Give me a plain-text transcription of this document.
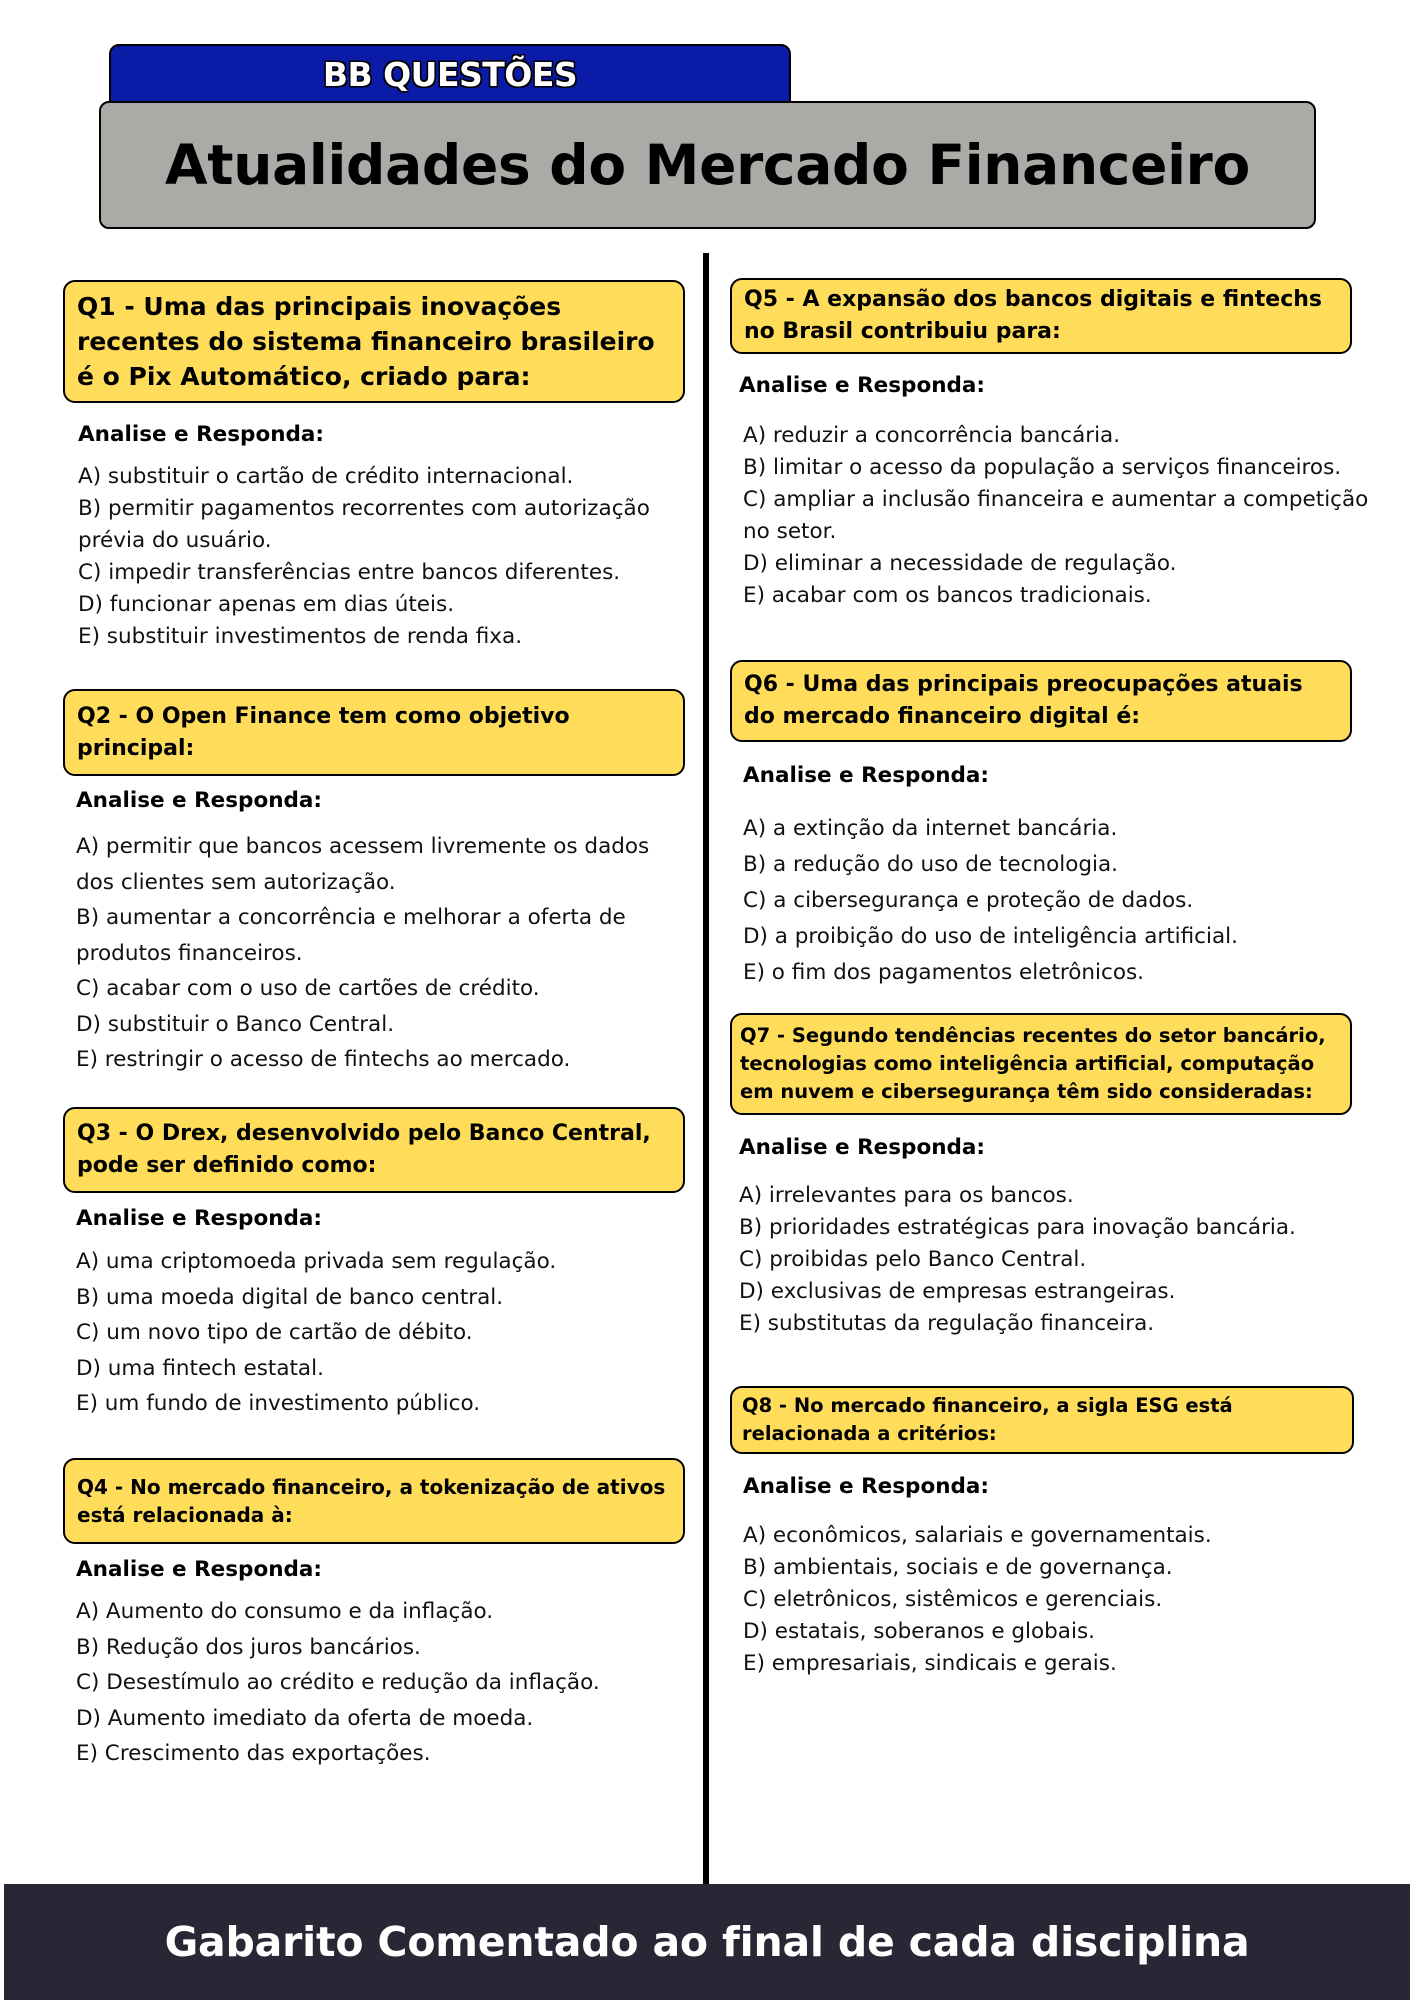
BB QUESTÕES
Atualidades do Mercado Financeiro
Q1 - Uma das principais inovações recentes do sistema financeiro brasileiro é o Pix Automático, criado para:
Analise e Responda:
A) substituir o cartão de crédito internacional.
B) permitir pagamentos recorrentes com autorização prévia do usuário.
C) impedir transferências entre bancos diferentes.
D) funcionar apenas em dias úteis.
E) substituir investimentos de renda fixa.
Q2 - O Open Finance tem como objetivo principal:
Analise e Responda:
A) permitir que bancos acessem livremente os dados dos clientes sem autorização.
B) aumentar a concorrência e melhorar a oferta de produtos financeiros.
C) acabar com o uso de cartões de crédito.
D) substituir o Banco Central.
E) restringir o acesso de fintechs ao mercado.
Q3 - O Drex, desenvolvido pelo Banco Central, pode ser definido como:
Analise e Responda:
A) uma criptomoeda privada sem regulação.
B) uma moeda digital de banco central.
C) um novo tipo de cartão de débito.
D) uma fintech estatal.
E) um fundo de investimento público.
Q4 - No mercado financeiro, a tokenização de ativos está relacionada à:
Analise e Responda:
A) Aumento do consumo e da inflação.
B) Redução dos juros bancários.
C) Desestímulo ao crédito e redução da inflação.
D) Aumento imediato da oferta de moeda.
E) Crescimento das exportações.
Q5 - A expansão dos bancos digitais e fintechs no Brasil contribuiu para:
Analise e Responda:
A) reduzir a concorrência bancária.
B) limitar o acesso da população a serviços financeiros.
C) ampliar a inclusão financeira e aumentar a competição no setor.
D) eliminar a necessidade de regulação.
E) acabar com os bancos tradicionais.
Q6 - Uma das principais preocupações atuais do mercado financeiro digital é:
Analise e Responda:
A) a extinção da internet bancária.
B) a redução do uso de tecnologia.
C) a cibersegurança e proteção de dados.
D) a proibição do uso de inteligência artificial.
E) o fim dos pagamentos eletrônicos.
Q7 - Segundo tendências recentes do setor bancário, tecnologias como inteligência artificial, computação em nuvem e cibersegurança têm sido consideradas:
Analise e Responda:
A) irrelevantes para os bancos.
B) prioridades estratégicas para inovação bancária.
C) proibidas pelo Banco Central.
D) exclusivas de empresas estrangeiras.
E) substitutas da regulação financeira.
Q8 - No mercado financeiro, a sigla ESG está relacionada a critérios:
Analise e Responda:
A) econômicos, salariais e governamentais.
B) ambientais, sociais e de governança.
C) eletrônicos, sistêmicos e gerenciais.
D) estatais, soberanos e globais.
E) empresariais, sindicais e gerais.
Gabarito Comentado ao final de cada disciplina
